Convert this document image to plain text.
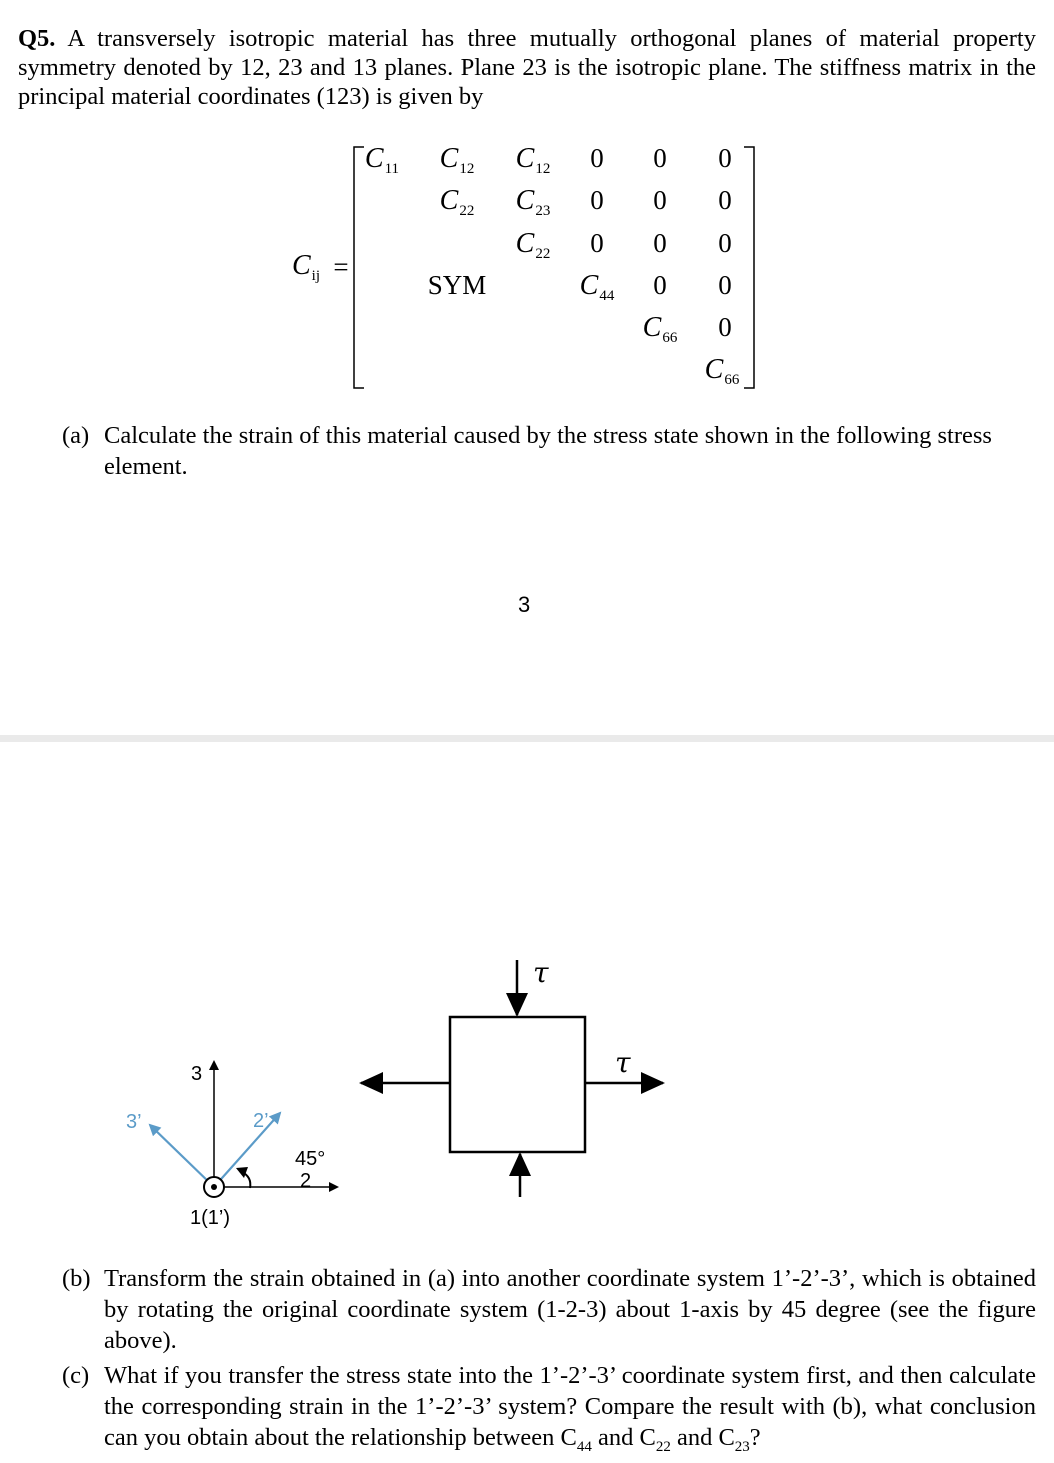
Q5. A transversely isotropic material has three mutually orthogonal planes of material property symmetry denoted by 12, 23 and 13 planes. Plane 23 is the isotropic plane. The stiffness matrix in the principal material coordinates (123) is given by
$C_{ij}$ =
$C_{11}$ $C_{12}$ $C_{12}$ 0 0 0
$C_{22}$ $C_{23}$ 0 0 0
$C_{22}$ 0 0 0
SYM	$C_{44}$ 0 0
$C_{66}$ 0
$C_{66}$
(a) Calculate the strain of this material caused by the stress state shown in the following stress element.
3
3
3’	2’
45°
2
1(1’)
τ
τ
(b) Transform the strain obtained in (a) into another coordinate system 1’-2’-3’, which is obtained by rotating the original coordinate system (1-2-3) about 1-axis by 45 degree (see the figure above).
(c) What if you transfer the stress state into the 1’-2’-3’ coordinate system first, and then calculate the corresponding strain in the 1’-2’-3’ system? Compare the result with (b), what conclusion can you obtain about the relationship between $C_{44}$ and $C_{22}$ and $C_{23}$?
